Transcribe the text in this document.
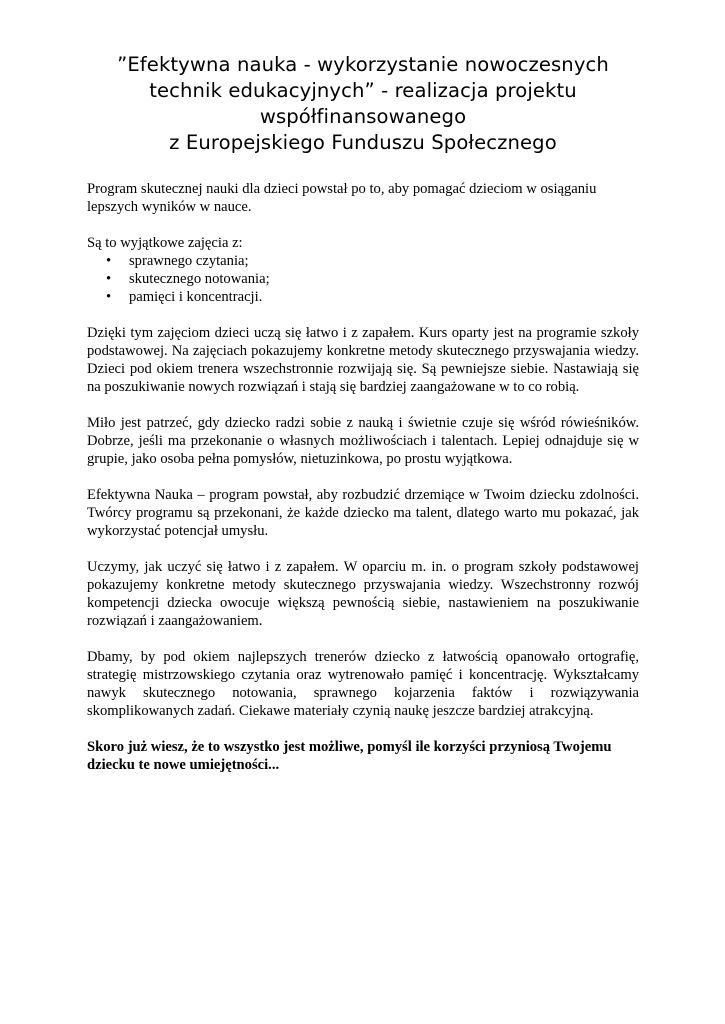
”Efektywna nauka - wykorzystanie nowoczesnych
technik edukacyjnych” - realizacja projektu
współfinansowanego
z Europejskiego Funduszu Społecznego

Program skutecznej nauki dla dzieci powstał po to, aby pomagać dzieciom w osiąganiu lepszych wyników w nauce.

Są to wyjątkowe zajęcia z:

• sprawnego czytania;
• skutecznego notowania;
• pamięci i koncentracji.

Dzięki tym zajęciom dzieci uczą się łatwo i z zapałem. Kurs oparty jest na programie szkoły podstawowej. Na zajęciach pokazujemy konkretne metody skutecznego przyswajania wiedzy. Dzieci pod okiem trenera wszechstronnie rozwijają się. Są pewniejsze siebie. Nastawiają się na poszukiwanie nowych rozwiązań i stają się bardziej zaangażowane w to co robią.

Miło jest patrzeć, gdy dziecko radzi sobie z nauką i świetnie czuje się wśród rówieśników. Dobrze, jeśli ma przekonanie o własnych możliwościach i talentach. Lepiej odnajduje się w grupie, jako osoba pełna pomysłów, nietuzinkowa, po prostu wyjątkowa.

Efektywna Nauka – program powstał, aby rozbudzić drzemiące w Twoim dziecku zdolności. Twórcy programu są przekonani, że każde dziecko ma talent, dlatego warto mu pokazać, jak wykorzystać potencjał umysłu.

Uczymy, jak uczyć się łatwo i z zapałem. W oparciu m. in. o program szkoły podstawowej pokazujemy konkretne metody skutecznego przyswajania wiedzy. Wszechstronny rozwój kompetencji dziecka owocuje większą pewnością siebie, nastawieniem na poszukiwanie rozwiązań i zaangażowaniem.

Dbamy, by pod okiem najlepszych trenerów dziecko z łatwością opanowało ortografię, strategię mistrzowskiego czytania oraz wytrenowało pamięć i koncentrację. Wykształcamy nawyk skutecznego notowania, sprawnego kojarzenia faktów i rozwiązywania skomplikowanych zadań. Ciekawe materiały czynią naukę jeszcze bardziej atrakcyjną.

Skoro już wiesz, że to wszystko jest możliwe, pomyśl ile korzyści przyniosą Twojemu dziecku te nowe umiejętności...
